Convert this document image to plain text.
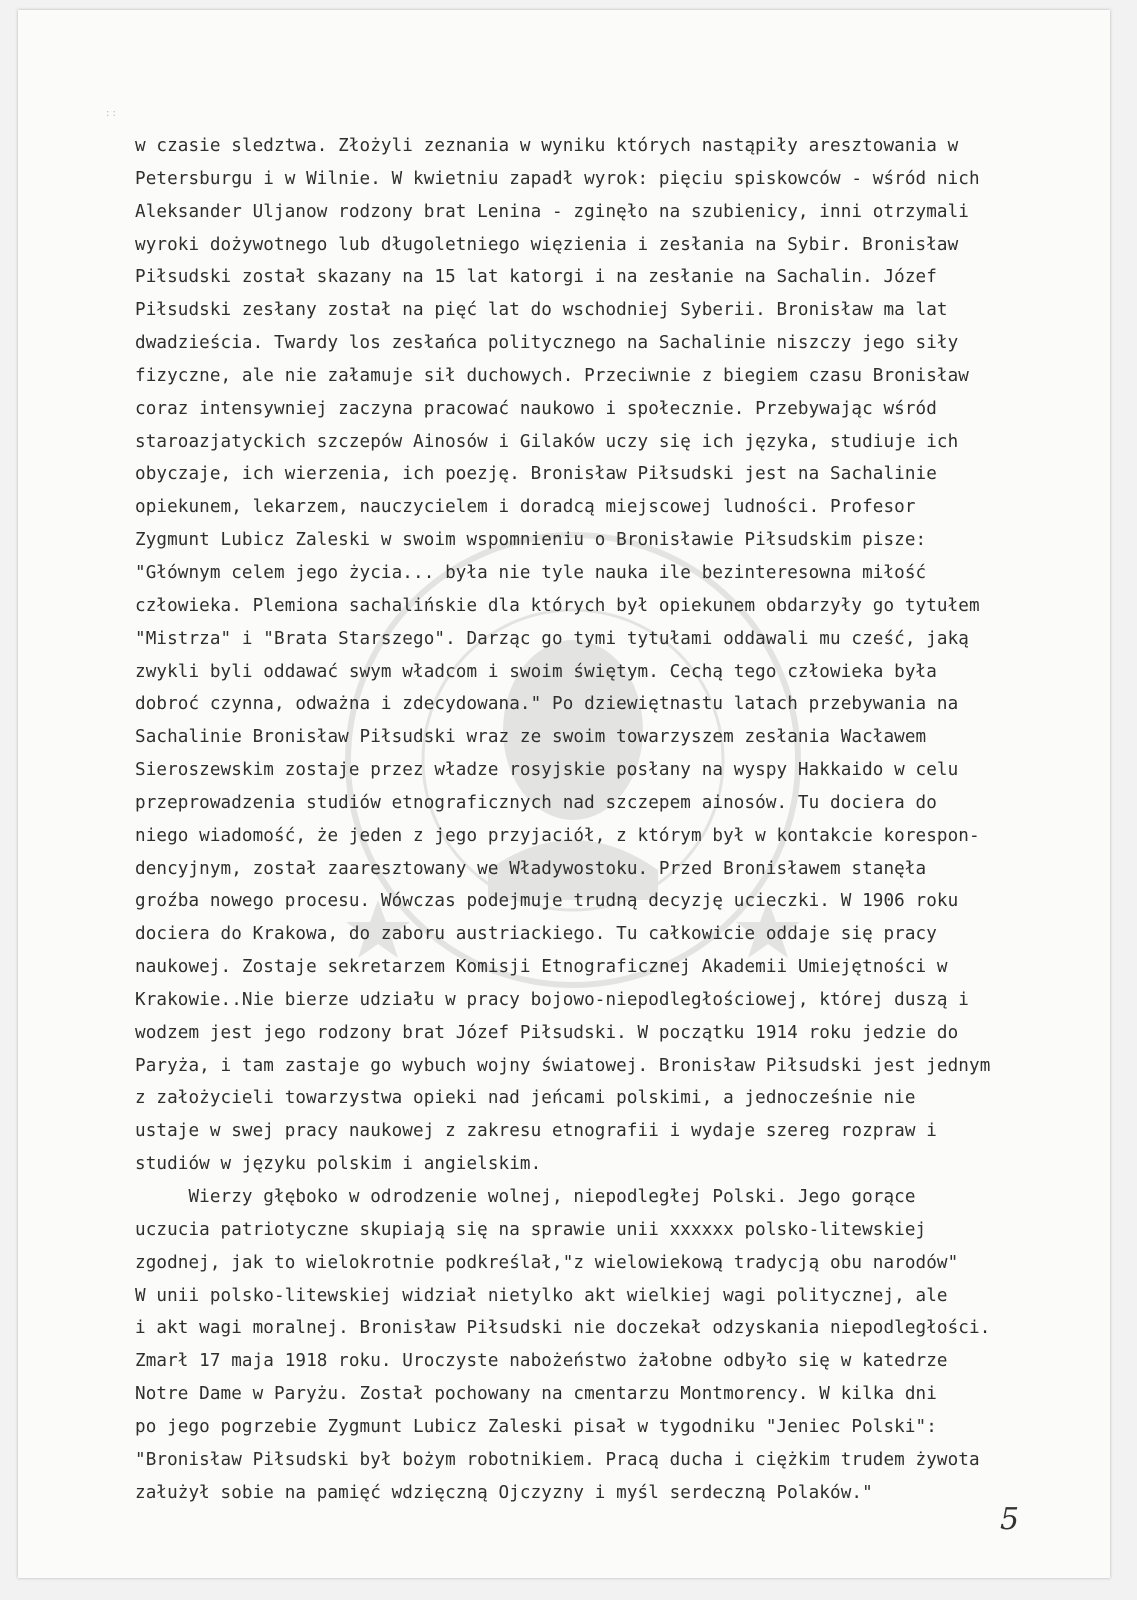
: :
w czasie sledztwa. Złożyli zeznania w wyniku których nastąpiły aresztowania w
Petersburgu i w Wilnie. W kwietniu zapadł wyrok: pięciu spiskowców - wśród nich
Aleksander Uljanow rodzony brat Lenina - zginęło na szubienicy, inni otrzymali
wyroki dożywotnego lub długoletniego więzienia i zesłania na Sybir. Bronisław
Piłsudski został skazany na 15 lat katorgi i na zesłanie na Sachalin. Józef
Piłsudski zesłany został na pięć lat do wschodniej Syberii. Bronisław ma lat
dwadzieścia. Twardy los zesłańca politycznego na Sachalinie niszczy jego siły
fizyczne, ale nie załamuje sił duchowych. Przeciwnie z biegiem czasu Bronisław
coraz intensywniej zaczyna pracować naukowo i społecznie. Przebywając wśród
staroazjatyckich szczepów Ainosów i Gilaków uczy się ich języka, studiuje ich
obyczaje, ich wierzenia, ich poezję. Bronisław Piłsudski jest na Sachalinie
opiekunem, lekarzem, nauczycielem i doradcą miejscowej ludności. Profesor
Zygmunt Lubicz Zaleski w swoim wspomnieniu o Bronisławie Piłsudskim pisze:
"Głównym celem jego życia... była nie tyle nauka ile bezinteresowna miłość
człowieka. Plemiona sachalińskie dla których był opiekunem obdarzyły go tytułem
"Mistrza" i "Brata Starszego". Darząc go tymi tytułami oddawali mu cześć, jaką
zwykli byli oddawać swym władcom i swoim świętym. Cechą tego człowieka była
dobroć czynna, odważna i zdecydowana." Po dziewiętnastu latach przebywania na
Sachalinie Bronisław Piłsudski wraz ze swoim towarzyszem zesłania Wacławem
Sieroszewskim zostaje przez władze rosyjskie posłany na wyspy Hakkaido w celu
przeprowadzenia studiów etnograficznych nad szczepem ainosów. Tu dociera do
niego wiadomość, że jeden z jego przyjaciół, z którym był w kontakcie korespon-
dencyjnym, został zaaresztowany we Władywostoku. Przed Bronisławem stanęła
groźba nowego procesu. Wówczas podejmuje trudną decyzję ucieczki. W 1906 roku
dociera do Krakowa, do zaboru austriackiego. Tu całkowicie oddaje się pracy
naukowej. Zostaje sekretarzem Komisji Etnograficznej Akademii Umiejętności w
Krakowie..Nie bierze udziału w pracy bojowo-niepodległościowej, której duszą i
wodzem jest jego rodzony brat Józef Piłsudski. W początku 1914 roku jedzie do
Paryża, i tam zastaje go wybuch wojny światowej. Bronisław Piłsudski jest jednym
z założycieli towarzystwa opieki nad jeńcami polskimi, a jednocześnie nie
ustaje w swej pracy naukowej z zakresu etnografii i wydaje szereg rozpraw i
studiów w języku polskim i angielskim.
Wierzy głęboko w odrodzenie wolnej, niepodległej Polski. Jego gorące
uczucia patriotyczne skupiają się na sprawie unii xxxxxx polsko-litewskiej
zgodnej, jak to wielokrotnie podkreślał,"z wielowiekową tradycją obu narodów"
W unii polsko-litewskiej widział nietylko akt wielkiej wagi politycznej, ale
i akt wagi moralnej. Bronisław Piłsudski nie doczekał odzyskania niepodległości.
Zmarł 17 maja 1918 roku. Uroczyste nabożeństwo żałobne odbyło się w katedrze
Notre Dame w Paryżu. Został pochowany na cmentarzu Montmorency. W kilka dni
po jego pogrzebie Zygmunt Lubicz Zaleski pisał w tygodniku "Jeniec Polski":
"Bronisław Piłsudski był bożym robotnikiem. Pracą ducha i ciężkim trudem żywota
załużył sobie na pamięć wdzięczną Ojczyzny i myśl serdeczną Polaków."
5
